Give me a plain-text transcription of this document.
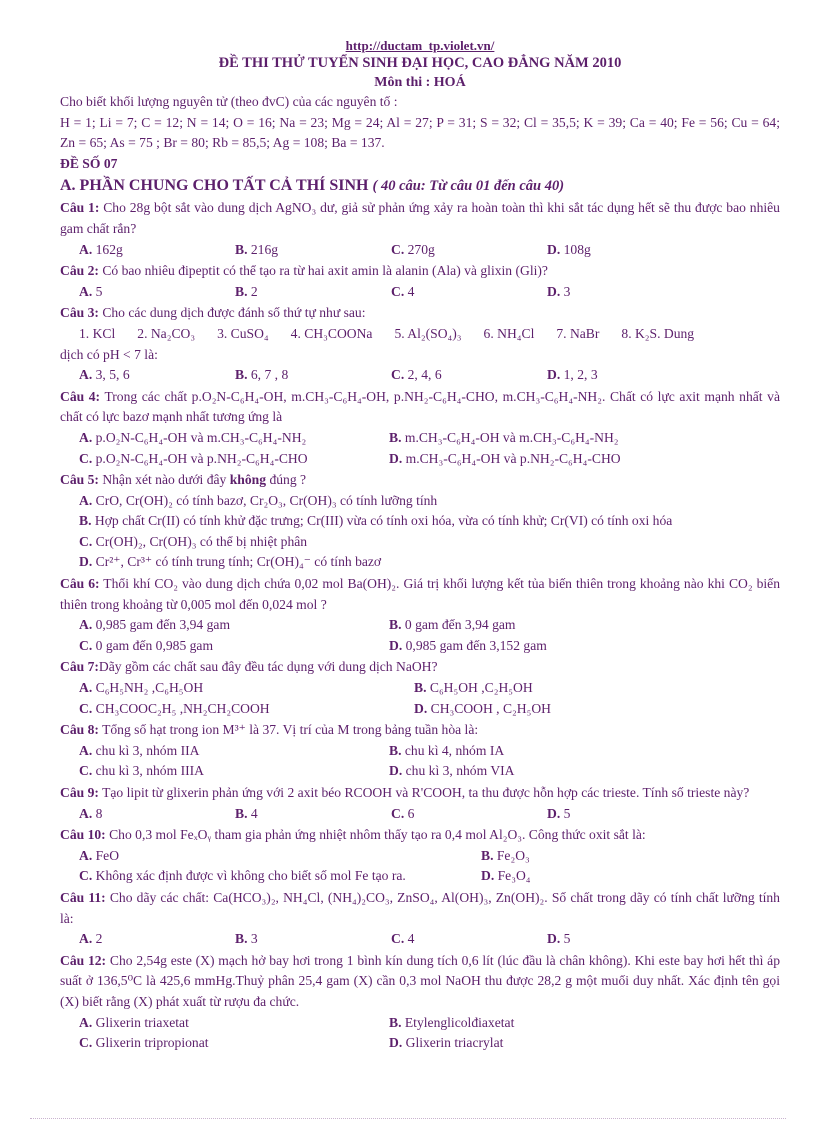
http://ductam_tp.violet.vn/
ĐỀ THI THỬ TUYỂN SINH ĐẠI HỌC, CAO ĐẲNG NĂM 2010
Môn thi : HOÁ
Cho biết khối lượng nguyên tử (theo đvC) của các nguyên tố :
H = 1; Li = 7; C = 12; N = 14; O = 16; Na = 23; Mg = 24; Al = 27; P = 31; S = 32; Cl = 35,5; K = 39; Ca = 40; Fe = 56; Cu = 64; Zn = 65; As = 75 ; Br = 80; Rb = 85,5; Ag = 108; Ba = 137.
ĐỀ SỐ 07
A. PHẦN CHUNG CHO TẤT CẢ THÍ SINH ( 40 câu: Từ câu 01 đến câu 40)
Câu 1: Cho 28g bột sắt vào dung dịch AgNO₃ dư, giả sử phản ứng xảy ra hoàn toàn thì khi sắt tác dụng hết sẽ thu được bao nhiêu gam chất rắn?
A. 162g	B. 216g	C. 270g	D. 108g
Câu 2: Có bao nhiêu đipeptit có thể tạo ra từ hai axit amin là alanin (Ala) và glixin (Gli)?
A. 5	B. 2	C. 4	D. 3
Câu 3: Cho các dung dịch được đánh số thứ tự như sau:
1. KCl 2. Na₂CO₃ 3. CuSO₄ 4. CH₃COONa 5. Al₂(SO₄)₃ 6. NH₄Cl 7. NaBr 8. K₂S. Dung
dịch có pH < 7 là:
A. 3, 5, 6	B. 6, 7 , 8	C. 2, 4, 6	D. 1, 2, 3
Câu 4: Trong các chất p.O₂N-C₆H₄-OH, m.CH₃-C₆H₄-OH, p.NH₂-C₆H₄-CHO, m.CH₃-C₆H₄-NH₂. Chất có lực axit mạnh nhất và chất có lực bazơ mạnh nhất tương ứng là
A. p.O₂N-C₆H₄-OH và m.CH₃-C₆H₄-NH₂	B. m.CH₃-C₆H₄-OH và m.CH₃-C₆H₄-NH₂
C. p.O₂N-C₆H₄-OH và p.NH₂-C₆H₄-CHO	D. m.CH₃-C₆H₄-OH và p.NH₂-C₆H₄-CHO
Câu 5: Nhận xét nào dưới đây không đúng ?
A. CrO, Cr(OH)₂ có tính bazơ, Cr₂O₃, Cr(OH)₃ có tính lưỡng tính
B. Hợp chất Cr(II) có tính khử đặc trưng; Cr(III) vừa có tính oxi hóa, vừa có tính khử; Cr(VI) có tính oxi hóa
C. Cr(OH)₂, Cr(OH)₃ có thể bị nhiệt phân
D. Cr²⁺, Cr³⁺ có tính trung tính; Cr(OH)₄⁻ có tính bazơ
Câu 6: Thổi khí CO₂ vào dung dịch chứa 0,02 mol Ba(OH)₂. Giá trị khối lượng kết tủa biến thiên trong khoảng nào khi CO₂ biến thiên trong khoảng từ 0,005 mol đến 0,024 mol ?
A. 0,985 gam đến 3,94 gam	B. 0 gam đến 3,94 gam
C. 0 gam đến 0,985 gam	D. 0,985 gam đến 3,152 gam
Câu 7:Dãy gồm các chất sau đây đều tác dụng với dung dịch NaOH?
A. C₆H₅NH₂ ,C₆H₅OH	B. C₆H₅OH ,C₂H₅OH
C. CH₃COOC₂H₅ ,NH₂CH₂COOH	D. CH₃COOH , C₂H₅OH
Câu 8: Tổng số hạt trong ion M³⁺ là 37. Vị trí của M trong bảng tuần hòa là:
A. chu kì 3, nhóm IIA	B. chu kì 4, nhóm IA
C. chu kì 3, nhóm IIIA	D. chu kì 3, nhóm VIA
Câu 9: Tạo lipit từ glixerin phản ứng với 2 axit béo RCOOH và R'COOH, ta thu được hỗn hợp các trieste. Tính số trieste này?
A. 8	B. 4	C. 6	D. 5
Câu 10: Cho 0,3 mol FeₓOᵧ tham gia phản ứng nhiệt nhôm thấy tạo ra 0,4 mol Al₂O₃. Công thức oxit sắt là:
A. FeO	B. Fe₂O₃
C. Không xác định được vì không cho biết số mol Fe tạo ra.	D. Fe₃O₄
Câu 11: Cho dãy các chất: Ca(HCO₃)₂, NH₄Cl, (NH₄)₂CO₃, ZnSO₄, Al(OH)₃, Zn(OH)₂. Số chất trong dãy có tính chất lưỡng tính là:
A. 2	B. 3	C. 4	D. 5
Câu 12: Cho 2,54g este (X) mạch hở bay hơi trong 1 bình kín dung tích 0,6 lít (lúc đầu là chân không). Khi este bay hơi hết thì áp suất ở 136,5⁰C là 425,6 mmHg.Thuỷ phân 25,4 gam (X) cần 0,3 mol NaOH thu được 28,2 g một muối duy nhất. Xác định tên gọi (X) biết rằng (X) phát xuất từ rượu đa chức.
A. Glixerin triaxetat	B. Etylenglicolđiaxetat
C. Glixerin tripropionat	D. Glixerin triacrylat
